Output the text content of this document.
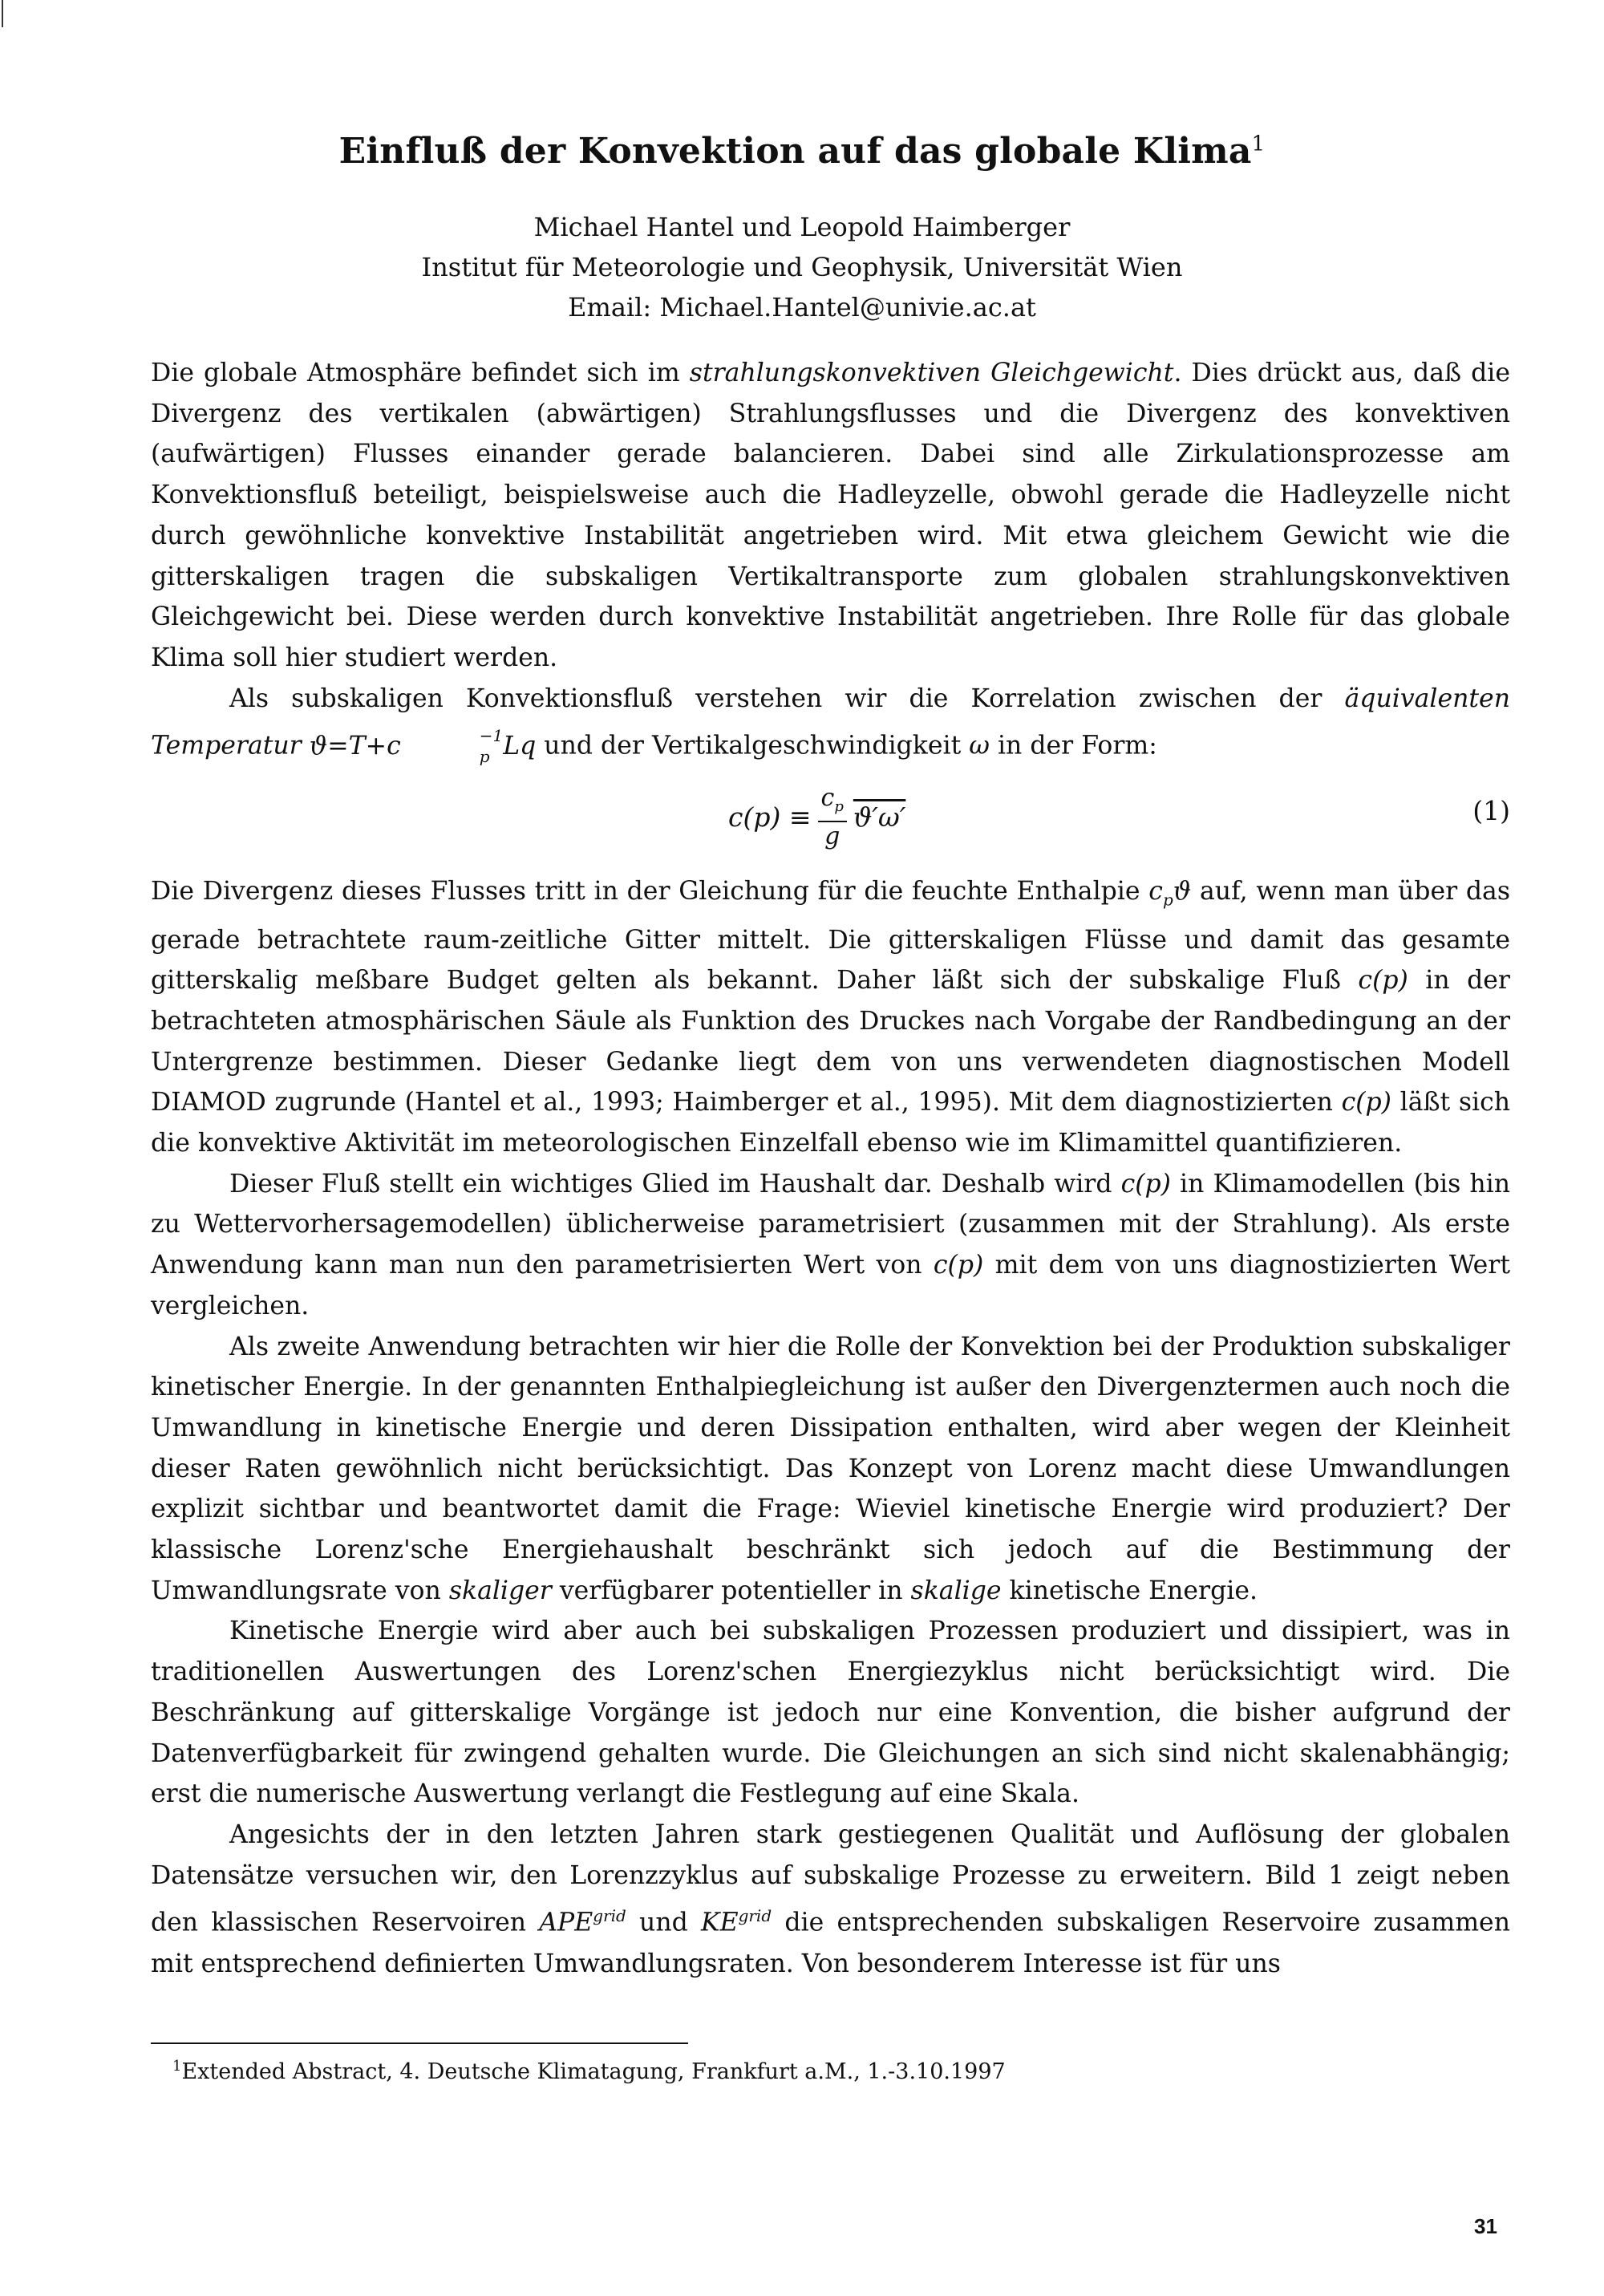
Einfluß der Konvektion auf das globale Klima$^1$
Michael Hantel und Leopold Haimberger
Institut für Meteorologie und Geophysik, Universität Wien
Email: Michael.Hantel@univie.ac.at

Die globale Atmosphäre befindet sich im strahlungskonvektiven Gleichgewicht. Dies drückt aus, daß die Divergenz des vertikalen (abwärtigen) Strahlungsflusses und die Divergenz des konvektiven (aufwärtigen) Flusses einander gerade balancieren. Dabei sind alle Zirkulationsprozesse am Konvektionsfluß beteiligt, beispielsweise auch die Hadleyzelle, obwohl gerade die Hadleyzelle nicht durch gewöhnliche konvektive Instabilität angetrieben wird. Mit etwa gleichem Gewicht wie die gitterskaligen tragen die subskaligen Vertikaltransporte zum globalen strahlungskonvektiven Gleichgewicht bei. Diese werden durch konvektive Instabilität angetrieben. Ihre Rolle für das globale Klima soll hier studiert werden.

Als subskaligen Konvektionsfluß verstehen wir die Korrelation zwischen der äquivalenten Temperatur ϑ=T+c	$^{-1}$
p Lq und der Vertikalgeschwindigkeit ω in der Form:

$c(p) \equiv \frac{c_p}{g} ϑ'\omega'$	(1)

Die Divergenz dieses Flusses tritt in der Gleichung für die feuchte Enthalpie $c_pϑ$ auf, wenn man über das gerade betrachtete raum-zeitliche Gitter mittelt. Die gitterskaligen Flüsse und damit das gesamte gitterskalig meßbare Budget gelten als bekannt. Daher läßt sich der subskalige Fluß c(p) in der betrachteten atmosphärischen Säule als Funktion des Druckes nach Vorgabe der Randbedingung an der Untergrenze bestimmen. Dieser Gedanke liegt dem von uns verwendeten diagnostischen Modell DIAMOD zugrunde (Hantel et al., 1993; Haimberger et al., 1995). Mit dem diagnostizierten c(p) läßt sich die konvektive Aktivität im meteorologischen Einzelfall ebenso wie im Klimamittel quantifizieren.

Dieser Fluß stellt ein wichtiges Glied im Haushalt dar. Deshalb wird c(p) in Klimamodellen (bis hin zu Wettervorhersagemodellen) üblicherweise parametrisiert (zusammen mit der Strahlung). Als erste Anwendung kann man nun den parametrisierten Wert von c(p) mit dem von uns diagnostizierten Wert vergleichen.

Als zweite Anwendung betrachten wir hier die Rolle der Konvektion bei der Produktion subskaliger kinetischer Energie. In der genannten Enthalpiegleichung ist außer den Divergenztermen auch noch die Umwandlung in kinetische Energie und deren Dissipation enthalten, wird aber wegen der Kleinheit dieser Raten gewöhnlich nicht berücksichtigt. Das Konzept von Lorenz macht diese Umwandlungen explizit sichtbar und beantwortet damit die Frage: Wieviel kinetische Energie wird produziert? Der klassische Lorenz'sche Energiehaushalt beschränkt sich jedoch auf die Bestimmung der Umwandlungsrate von skaliger verfügbarer potentieller in skalige kinetische Energie.

Kinetische Energie wird aber auch bei subskaligen Prozessen produziert und dissipiert, was in traditionellen Auswertungen des Lorenz'schen Energiezyklus nicht berücksichtigt wird. Die Beschränkung auf gitterskalige Vorgänge ist jedoch nur eine Konvention, die bisher aufgrund der Datenverfügbarkeit für zwingend gehalten wurde. Die Gleichungen an sich sind nicht skalenabhängig; erst die numerische Auswertung verlangt die Festlegung auf eine Skala.

Angesichts der in den letzten Jahren stark gestiegenen Qualität und Auflösung der globalen Datensätze versuchen wir, den Lorenzzyklus auf subskalige Prozesse zu erweitern. Bild 1 zeigt neben den klassischen Reservoiren $APE^{grid}$ und $KE^{grid}$ die entsprechenden subskaligen Reservoire zusammen mit entsprechend definierten Umwandlungsraten. Von besonderem Interesse ist für uns

$^1$Extended Abstract, 4. Deutsche Klimatagung, Frankfurt a.M., 1.-3.10.1997
31
